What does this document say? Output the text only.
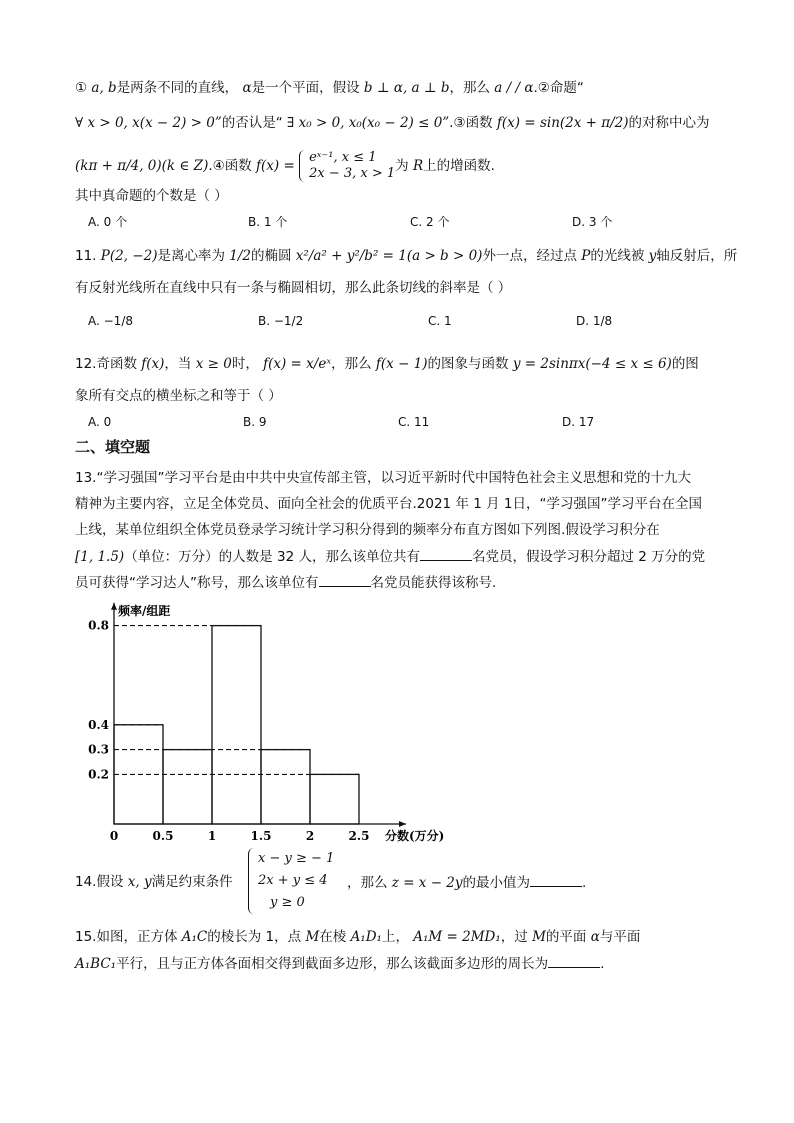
① a, b是两条不同的直线， α是一个平面，假设 b ⊥ α, a ⊥ b，那么 a / / α.②命题“
∀ x > 0, x(x − 2) > 0”的否认是“ ∃ x₀ > 0, x₀(x₀ − 2) ≤ 0”.③函数 f(x) = sin(2x + π/2)的对称中心为
(kπ + π/4, 0)(k ∈ Z).④函数 f(x) =
eˣ⁻¹, x ≤ 1
2x − 3, x > 1 为 R上的增函数.
其中真命题的个数是（ ）
A. 0 个	B. 1 个	C. 2 个	D. 3 个
11. P(2, −2)是离心率为 1/2的椭圆 x²/a² + y²/b² = 1(a > b > 0)外一点，经过点 P的光线被 y轴反射后，所
有反射光线所在直线中只有一条与椭圆相切，那么此条切线的斜率是（ ）
A. −1/8	B. −1/2	C. 1	D. 1/8
12.奇函数 f(x)，当 x ≥ 0时， f(x) = x/eˣ，那么 f(x − 1)的图象与函数 y = 2sinπx(−4 ≤ x ≤ 6)的图
象所有交点的横坐标之和等于（ ）
A. 0	B. 9	C. 11	D. 17
二、填空题
13.“学习强国”学习平台是由中共中央宣传部主管，以习近平新时代中国特色社会主义思想和党的十九大
精神为主要内容，立足全体党员、面向全社会的优质平台.2021 年 1 月 1日，“学习强国”学习平台在全国
上线，某单位组织全体党员登录学习统计学习积分得到的频率分布直方图如下列图.假设学习积分在
[1, 1.5)（单位：万分）的人数是 32 人，那么该单位共有	名党员，假设学习积分超过 2 万分的党
员可获得“学习达人”称号，那么该单位有	名党员能获得该称号.
0.2
0.3
0.4
0.8
0	0.5	1	1.5	2	2.5
频率/组距
分数(万分)
14.假设 x, y满足约束条件
x − y ≥ − 1
2x + y ≤ 4
y ≥ 0
，那么 z = x − 2y的最小值为	.
15.如图，正方体 A₁C的棱长为 1，点 M在棱 A₁D₁上， A₁M = 2MD₁，过 M的平面 α与平面
A₁BC₁平行，且与正方体各面相交得到截面多边形，那么该截面多边形的周长为	.
